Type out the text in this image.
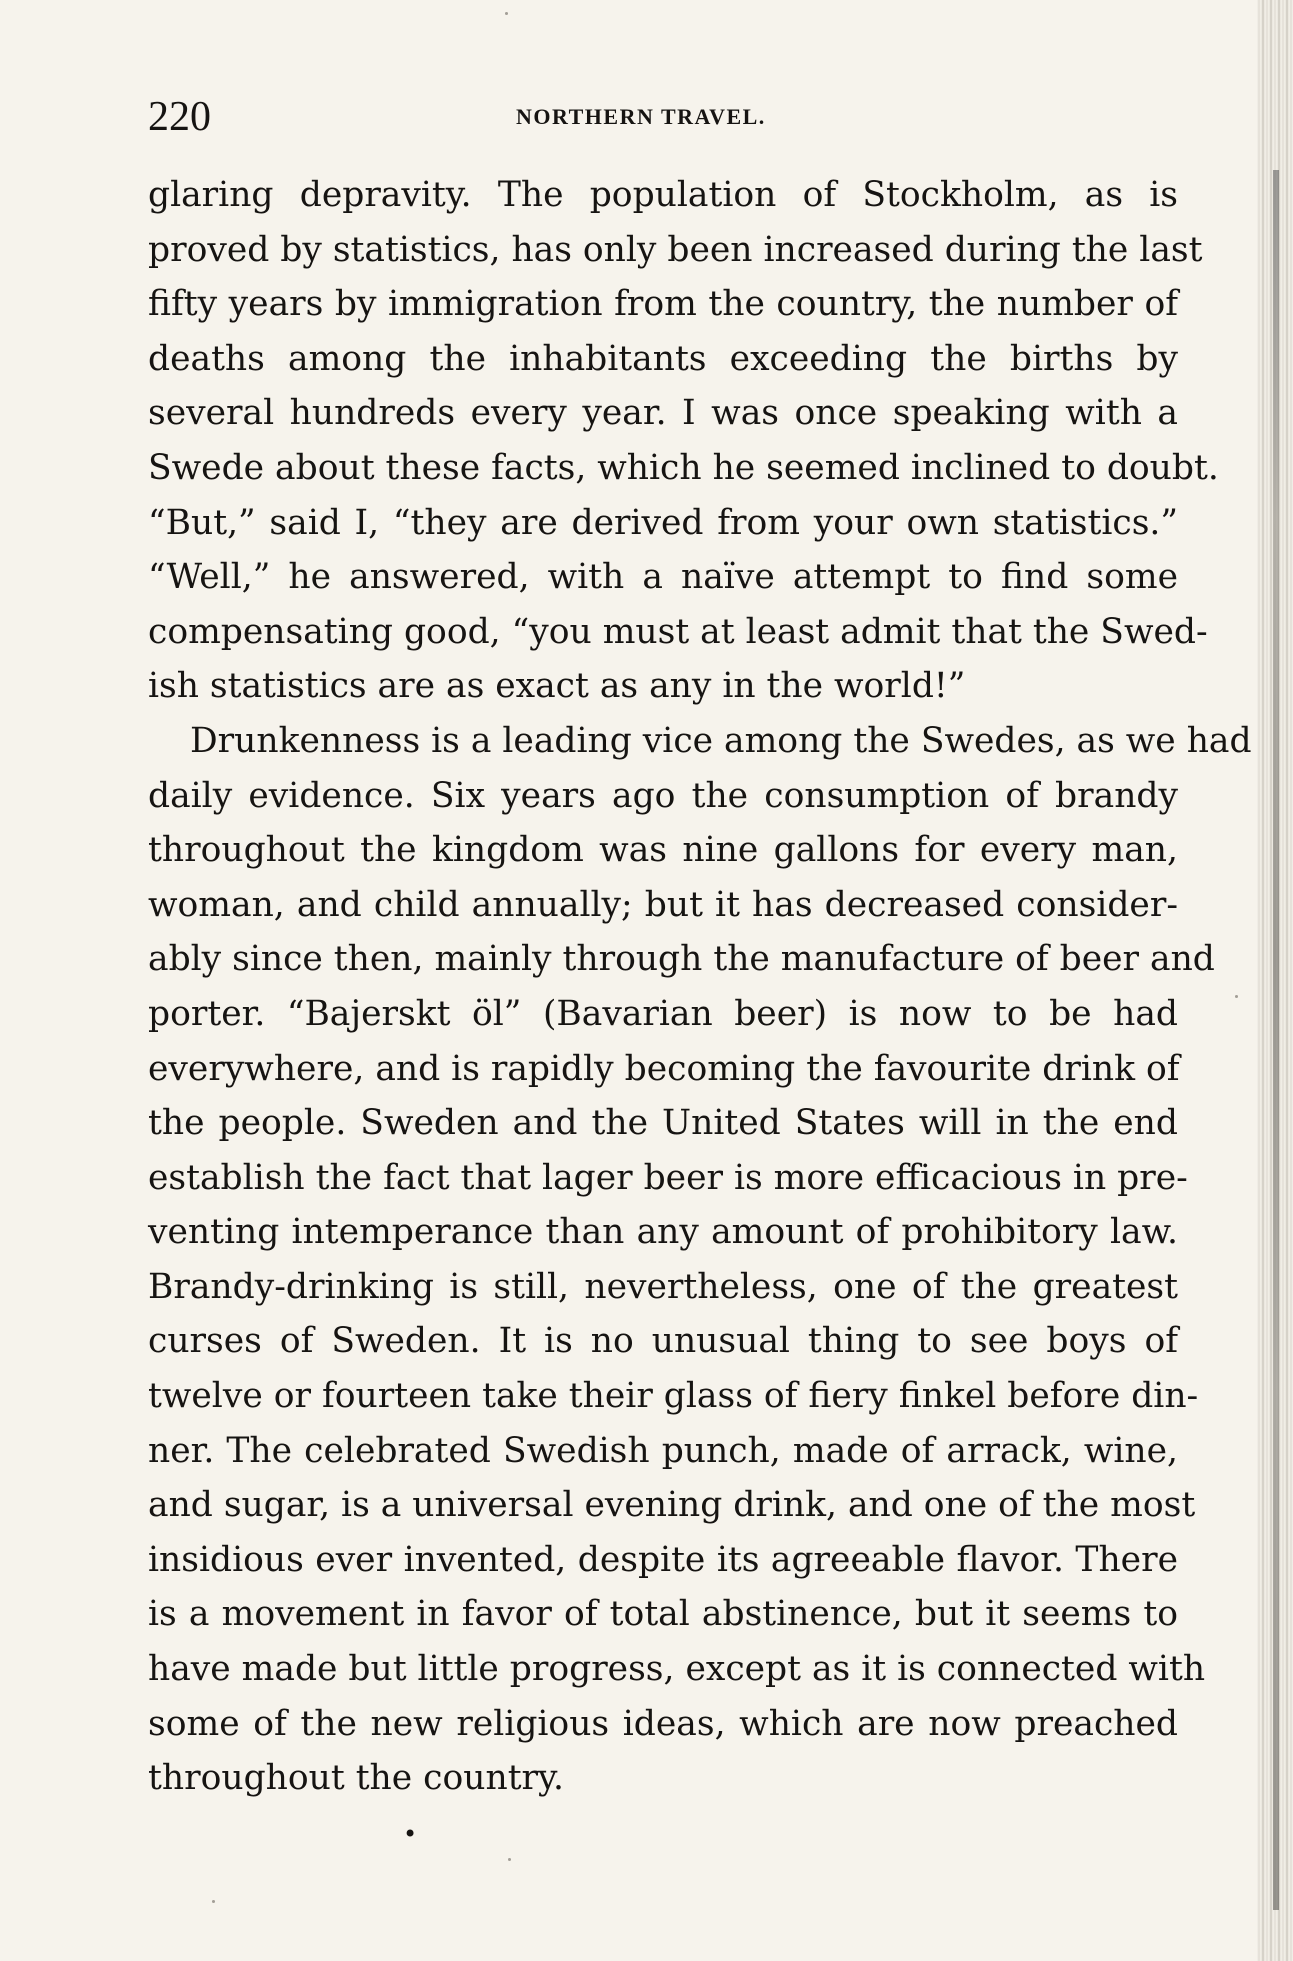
220	NORTHERN TRAVEL.
glaring depravity. The population of Stockholm, as is
proved by statistics, has only been increased during the last
fifty years by immigration from the country, the number of
deaths among the inhabitants exceeding the births by
several hundreds every year. I was once speaking with a
Swede about these facts, which he seemed inclined to doubt.
“But,” said I, “they are derived from your own statistics.”
“Well,” he answered, with a naïve attempt to find some
compensating good, “you must at least admit that the Swed-
ish statistics are as exact as any in the world!”
Drunkenness is a leading vice among the Swedes, as we had
daily evidence. Six years ago the consumption of brandy
throughout the kingdom was nine gallons for every man,
woman, and child annually; but it has decreased consider-
ably since then, mainly through the manufacture of beer and
porter. “Bajerskt öl” (Bavarian beer) is now to be had
everywhere, and is rapidly becoming the favourite drink of
the people. Sweden and the United States will in the end
establish the fact that lager beer is more efficacious in pre-
venting intemperance than any amount of prohibitory law.
Brandy-drinking is still, nevertheless, one of the greatest
curses of Sweden. It is no unusual thing to see boys of
twelve or fourteen take their glass of fiery finkel before din-
ner. The celebrated Swedish punch, made of arrack, wine,
and sugar, is a universal evening drink, and one of the most
insidious ever invented, despite its agreeable flavor. There
is a movement in favor of total abstinence, but it seems to
have made but little progress, except as it is connected with
some of the new religious ideas, which are now preached
throughout the country.
•
